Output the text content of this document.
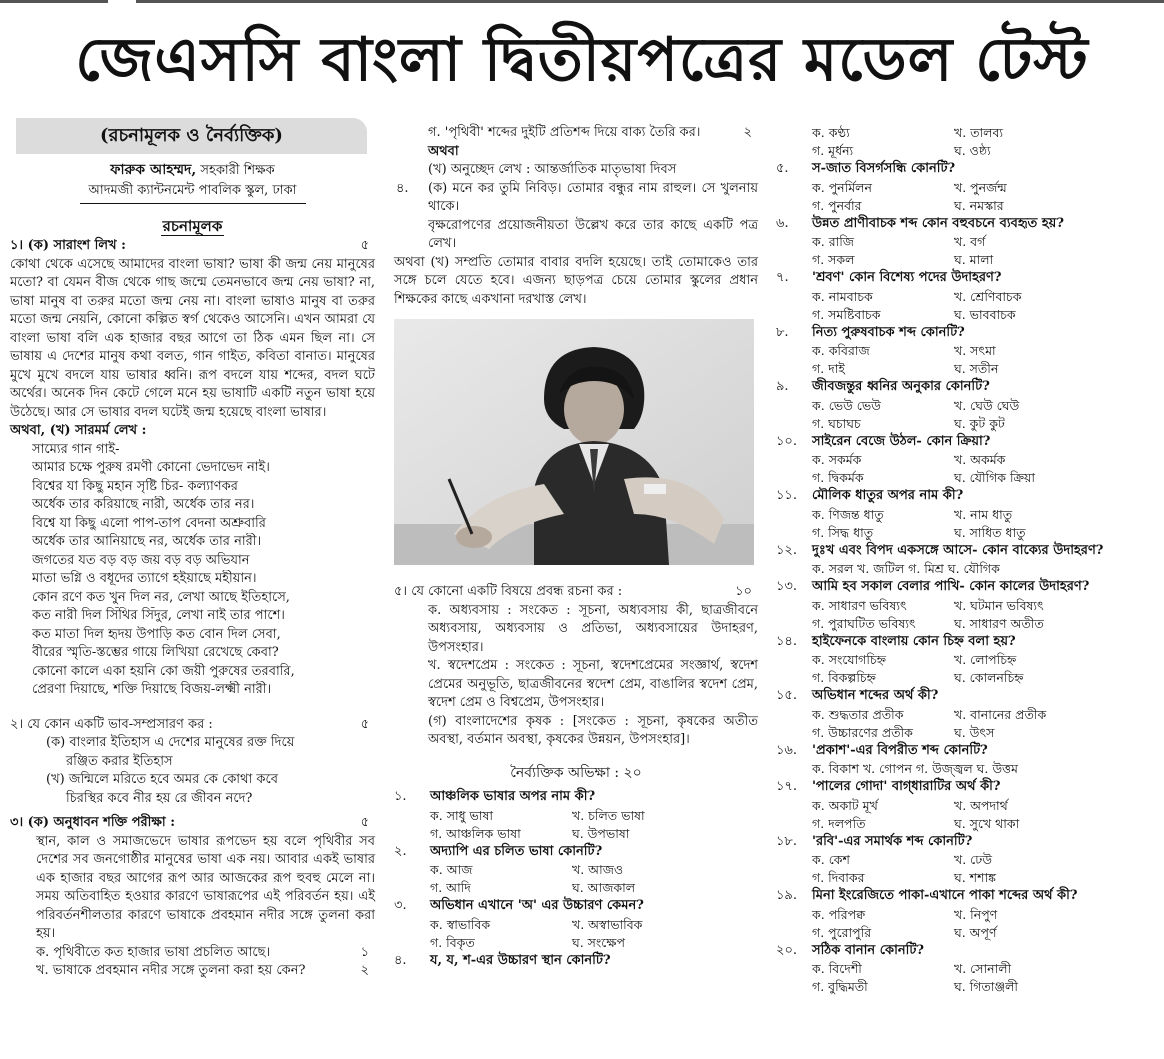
জেএসসি বাংলা দ্বিতীয়পত্রের মডেল টেস্ট
(রচনামূলক ও নৈর্ব্যক্তিক)
ফারুক আহম্মদ, সহকারী শিক্ষক
আদমজী ক্যান্টনমেন্ট পাবলিক স্কুল, ঢাকা
রচনামূলক
১। (ক) সারাংশ লিখ :	৫
কোথা থেকে এসেছে আমাদের বাংলা ভাষা? ভাষা কী জন্ম নেয় মানুষের মতো? বা যেমন বীজ থেকে গাছ জন্মে তেমনভাবে জন্ম নেয় ভাষা? না, ভাষা মানুষ বা তরুর মতো জন্ম নেয় না। বাংলা ভাষাও মানুষ বা তরুর মতো জন্ম নেয়নি, কোনো কল্পিত স্বর্গ থেকেও আসেনি। এখন আমরা যে বাংলা ভাষা বলি এক হাজার বছর আগে তা ঠিক এমন ছিল না। সে ভাষায় এ দেশের মানুষ কথা বলত, গান গাইত, কবিতা বানাত। মানুষের মুখে মুখে বদলে যায় ভাষার ধ্বনি। রূপ বদলে যায় শব্দের, বদল ঘটে অর্থের। অনেক দিন কেটে গেলে মনে হয় ভাষাটি একটি নতুন ভাষা হয়ে উঠেছে। আর সে ভাষার বদল ঘটেই জন্ম হয়েছে বাংলা ভাষার।
অথবা, (খ) সারমর্ম লেখ :
সাম্যের গান গাই-
আমার চক্ষে পুরুষ রমণী কোনো ভেদাভেদ নাই।
বিশ্বের যা কিছু মহান সৃষ্টি চির- কল্যাণকর
অর্ধেক তার করিয়াছে নারী, অর্ধেক তার নর।
বিশ্বে যা কিছু এলো পাপ-তাপ বেদনা অশ্রুবারি
অর্ধেক তার আনিয়াছে নর, অর্ধেক তার নারী।
জগতের যত বড় বড় জয় বড় বড় অভিযান
মাতা ভগ্নি ও বধূদের ত্যাগে হইয়াছে মহীয়ান।
কোন রণে কত খুন দিল নর, লেখা আছে ইতিহাসে,
কত নারী দিল সিঁথির সিঁদুর, লেখা নাই তার পাশে।
কত মাতা দিল হৃদয় উপাড়ি কত বোন দিল সেবা,
বীরের স্মৃতি-স্তম্ভের গায়ে লিখিয়া রেখেছে কেবা?
কোনো কালে একা হয়নি কো জয়ী পুরুষের তরবারি,
প্রেরণা দিয়াছে, শক্তি দিয়াছে বিজয়-লক্ষ্মী নারী।
২। যে কোন একটি ভাব-সম্প্রসারণ কর :	৫
(ক) বাংলার ইতিহাস এ দেশের মানুষের রক্ত দিয়ে
রঞ্জিত করার ইতিহাস
(খ) জন্মিলে মরিতে হবে অমর কে কোথা কবে
চিরস্থির কবে নীর হয় রে জীবন নদে?
৩। (ক) অনুধাবন শক্তি পরীক্ষা :	৫
স্থান, কাল ও সমাজভেদে ভাষার রূপভেদ হয় বলে পৃথিবীর সব দেশের সব জনগোষ্ঠীর মানুষের ভাষা এক নয়। আবার একই ভাষার এক হাজার বছর আগের রূপ আর আজকের রূপ হুবহু মেলে না। সময় অতিবাহিত হওয়ার কারণে ভাষারূপের এই পরিবর্তন হয়। এই পরিবর্তনশীলতার কারণে ভাষাকে প্রবহমান নদীর সঙ্গে তুলনা করা হয়।
ক. পৃথিবীতে কত হাজার ভাষা প্রচলিত আছে।	১
খ. ভাষাকে প্রবহমান নদীর সঙ্গে তুলনা করা হয় কেন?	২
গ. 'পৃথিবী' শব্দের দুইটি প্রতিশব্দ দিয়ে বাক্য তৈরি কর।	২
অথবা
(খ) অনুচ্ছেদ লেখ : আন্তর্জাতিক মাতৃভাষা দিবস
৪. (ক) মনে কর তুমি নিবিড়। তোমার বন্ধুর নাম রাহুল। সে খুলনায় থাকে।
বৃক্ষরোপণের প্রয়োজনীয়তা উল্লেখ করে তার কাছে একটি পত্র লেখ।
অথবা (খ) সম্প্রতি তোমার বাবার বদলি হয়েছে। তাই তোমাকেও তার সঙ্গে চলে যেতে হবে। এজন্য ছাড়পত্র চেয়ে তোমার স্কুলের প্রধান শিক্ষকের কাছে একখানা দরখাস্ত লেখ।
৫। যে কোনো একটি বিষয়ে প্রবন্ধ রচনা কর :	১০
ক. অধ্যবসায় : সংকেত : সূচনা, অধ্যবসায় কী, ছাত্রজীবনে অধ্যবসায়, অধ্যবসায় ও প্রতিভা, অধ্যবসায়ের উদাহরণ, উপসংহার।
খ. স্বদেশপ্রেম : সংকেত : সূচনা, স্বদেশপ্রেমের সংজ্ঞার্থ, স্বদেশ প্রেমের অনুভূতি, ছাত্রজীবনের স্বদেশ প্রেম, বাঙালির স্বদেশ প্রেম, স্বদেশ প্রেম ও বিশ্বপ্রেম, উপসংহার।
(গ) বাংলাদেশের কৃষক : [সংকেত : সূচনা, কৃষকের অতীত অবস্থা, বর্তমান অবস্থা, কৃষকের উন্নয়ন, উপসংহার]।
নৈর্ব্যক্তিক অভিক্ষা : ২০
১. আঞ্চলিক ভাষার অপর নাম কী?
ক. সাধু ভাষা	খ. চলিত ভাষা
গ. আঞ্চলিক ভাষা	ঘ. উপভাষা
২. অদ্যাপি এর চলিত ভাষা কোনটি?
ক. আজ	খ. আজও
গ. আদি	ঘ. আজকাল
৩. অভিধান এখানে 'অ' এর উচ্চারণ কেমন?
ক. স্বাভাবিক	খ. অস্বাভাবিক
গ. বিকৃত	ঘ. সংক্ষেপ
৪. য, য, শ-এর উচ্চারণ স্থান কোনটি?
ক. কণ্ঠ্য	খ. তালব্য
গ. মূর্ধন্য	ঘ. ওষ্ঠ্য
৫. স-জাত বিসর্গসন্ধি কোনটি?
ক. পুনর্মিলন	খ. পুনর্জন্ম
গ. পুনর্বার	ঘ. নমস্কার
৬. উন্নত প্রাণীবাচক শব্দ কোন বহুবচনে ব্যবহৃত হয়?
ক. রাজি	খ. বর্গ
গ. সকল	ঘ. মালা
৭. 'শ্রবণ' কোন বিশেষ্য পদের উদাহরণ?
ক. নামবাচক	খ. শ্রেণিবাচক
গ. সমষ্টিবাচক	ঘ. ভাববাচক
৮. নিত্য পুরুষবাচক শব্দ কোনটি?
ক. কবিরাজ	খ. সৎমা
গ. দাই	ঘ. সতীন
৯. জীবজন্তুর ধ্বনির অনুকার কোনটি?
ক. ভেউ ভেউ	খ. ঘেউ ঘেউ
গ. ঘচাঘচ	ঘ. কুট কুট
১০. সাইরেন বেজে উঠল- কোন ক্রিয়া?
ক. সকর্মক	খ. অকর্মক
গ. দ্বিকর্মক	ঘ. যৌগিক ক্রিয়া
১১. মৌলিক ধাতুর অপর নাম কী?
ক. ণিজন্ত ধাতু	খ. নাম ধাতু
গ. সিদ্ধ ধাতু	ঘ. সাধিত ধাতু
১২. দুঃখ এবং বিপদ একসঙ্গে আসে- কোন বাক্যের উদাহরণ?
ক. সরল খ. জটিল গ. মিশ্র ঘ. যৌগিক
১৩. আমি হব সকাল বেলার পাখি- কোন কালের উদাহরণ?
ক. সাধারণ ভবিষ্যৎ	খ. ঘটমান ভবিষ্যৎ
গ. পুরাঘটিত ভবিষ্যৎ	ঘ. সাধারণ অতীত
১৪. হাইফেনকে বাংলায় কোন চিহ্ন বলা হয়?
ক. সংযোগচিহ্ন	খ. লোপচিহ্ন
গ. বিকল্পচিহ্ন	ঘ. কোলনচিহ্ন
১৫. অভিধান শব্দের অর্থ কী?
ক. শুদ্ধতার প্রতীক	খ. বানানের প্রতীক
গ. উচ্চারণের প্রতীক	ঘ. উৎস
১৬. 'প্রকাশ'-এর বিপরীত শব্দ কোনটি?
ক. বিকাশ খ. গোপন গ. উজ্জ্বল ঘ. উত্তম
১৭. 'পালের গোদা' বাগ্‌ধারাটির অর্থ কী?
ক. অকাট মূর্খ	খ. অপদার্থ
গ. দলপতি	ঘ. সুখে থাকা
১৮. 'রবি'-এর সমার্থক শব্দ কোনটি?
ক. কেশ	খ. ঢেউ
গ. দিবাকর	ঘ. শশাঙ্ক
১৯. মিনা ইংরেজিতে পাকা-এখানে পাকা শব্দের অর্থ কী?
ক. পরিপক্ব	খ. নিপুণ
গ. পুরোপুরি	ঘ. অপূর্ণ
২০. সঠিক বানান কোনটি?
ক. বিদেশী	খ. সোনালী
গ. বুদ্ধিমতী	ঘ. গিতাঞ্জলী
